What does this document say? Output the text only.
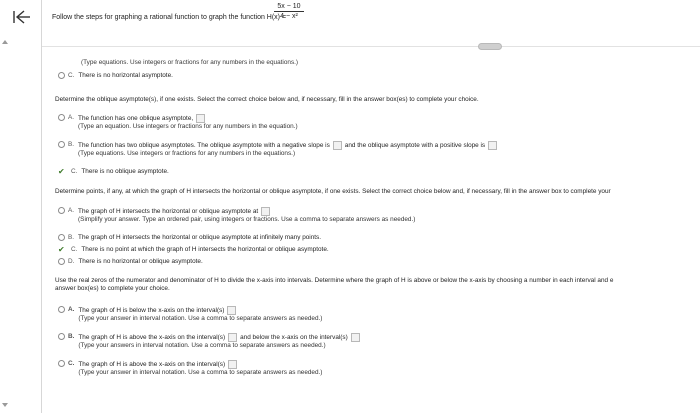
Follow the steps for graphing a rational function to graph the function H(x) =
$\frac{5x - 10}{\text{4 − x²}}$
(Type equations. Use integers or fractions for any numbers in the equations.)
C. There is no horizontal asymptote.
Determine the oblique asymptote(s), if one exists. Select the correct choice below and, if necessary, fill in the answer box(es) to complete your choice.
A. The function has one oblique asymptote,
(Type an equation. Use integers or fractions for any numbers in the equation.)
B. The function has two oblique asymptotes. The oblique asymptote with a negative slope is and the oblique asymptote with a positive slope is
(Type equations. Use integers or fractions for any numbers in the equations.)
✔ C. There is no oblique asymptote.
Determine points, if any, at which the graph of H intersects the horizontal or oblique asymptote, if one exists. Select the correct choice below and, if necessary, fill in the answer box to complete your
A. The graph of H intersects the horizontal or oblique asymptote at
(Simplify your answer. Type an ordered pair, using integers or fractions. Use a comma to separate answers as needed.)
B. The graph of H intersects the horizontal or oblique asymptote at infinitely many points.
✔ C. There is no point at which the graph of H intersects the horizontal or oblique asymptote.
D. There is no horizontal or oblique asymptote.
Use the real zeros of the numerator and denominator of H to divide the x-axis into intervals. Determine where the graph of H is above or below the x-axis by choosing a number in each interval and e
answer box(es) to complete your choice.
A. The graph of H is below the x-axis on the interval(s)
(Type your answer in interval notation. Use a comma to separate answers as needed.)
B. The graph of H is above the x-axis on the interval(s) and below the x-axis on the interval(s)
(Type your answers in interval notation. Use a comma to separate answers as needed.)
C. The graph of H is above the x-axis on the interval(s)
(Type your answer in interval notation. Use a comma to separate answers as needed.)
